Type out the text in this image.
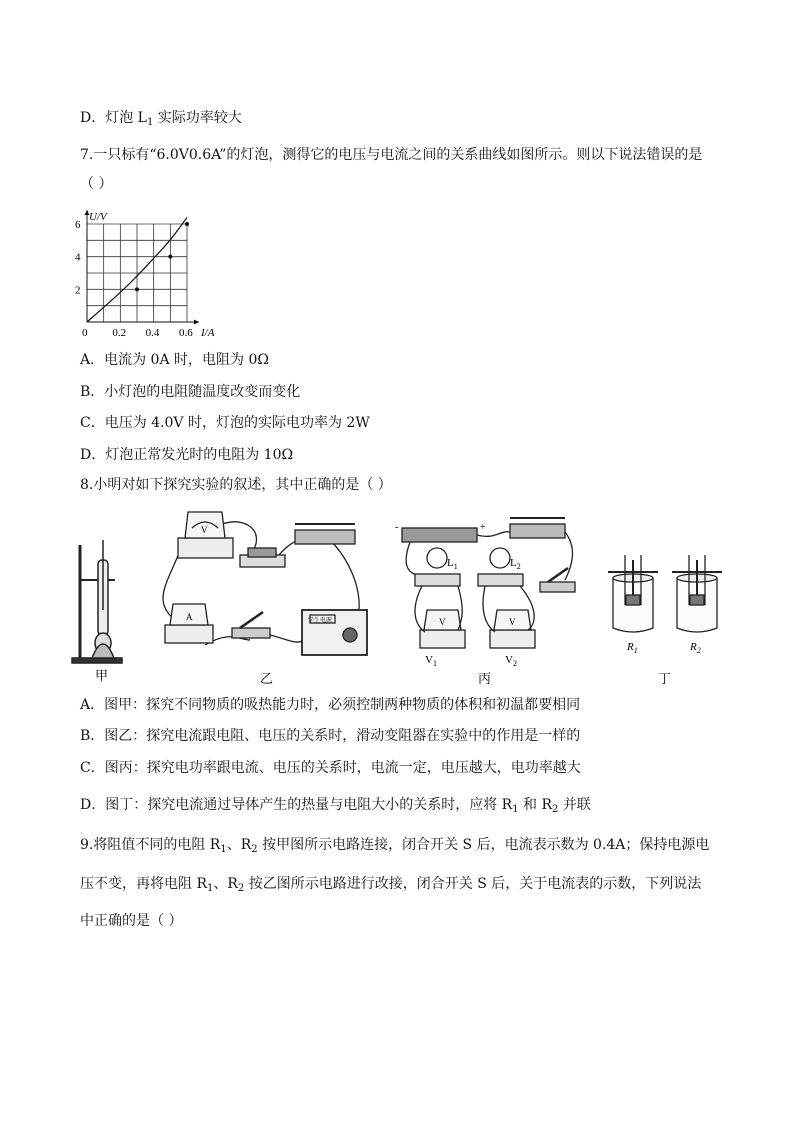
D．灯泡 $L_1$ 实际功率较大
7.一只标有“6.0V0.6A”的灯泡，测得它的电压与电流之间的关系曲线如图所示。则以下说法错误的是
（ ）
0 0.2 0.4 0.6
2
4
6
I/A
U/V
A．电流为 0A 时，电阻为 0Ω
B．小灯泡的电阻随温度改变而变化
C．电压为 4.0V 时，灯泡的实际电功率为 2W
D．灯泡正常发光时的电阻为 10Ω
8.小明对如下探究实验的叙述，其中正确的是（ ）
V
A	学生电源
-	+
$L_1$	$L_2$
V	V
$V_1$	$V_2$
$R_1$	$R_2$
甲	乙	丙	丁
A．图甲：探究不同物质的吸热能力时，必须控制两种物质的体积和初温都要相同
B．图乙：探究电流跟电阻、电压的关系时，滑动变阻器在实验中的作用是一样的
C．图丙：探究电功率跟电流、电压的关系时，电流一定，电压越大，电功率越大
D．图丁：探究电流通过导体产生的热量与电阻大小的关系时，应将 $R_1$ 和 $R_2$ 并联
9.将阻值不同的电阻 $R_1$、$R_2$ 按甲图所示电路连接，闭合开关 S 后，电流表示数为 0.4A；保持电源电
压不变，再将电阻 $R_1$、$R_2$ 按乙图所示电路进行改接，闭合开关 S 后，关于电流表的示数，下列说法
中正确的是（ ）
